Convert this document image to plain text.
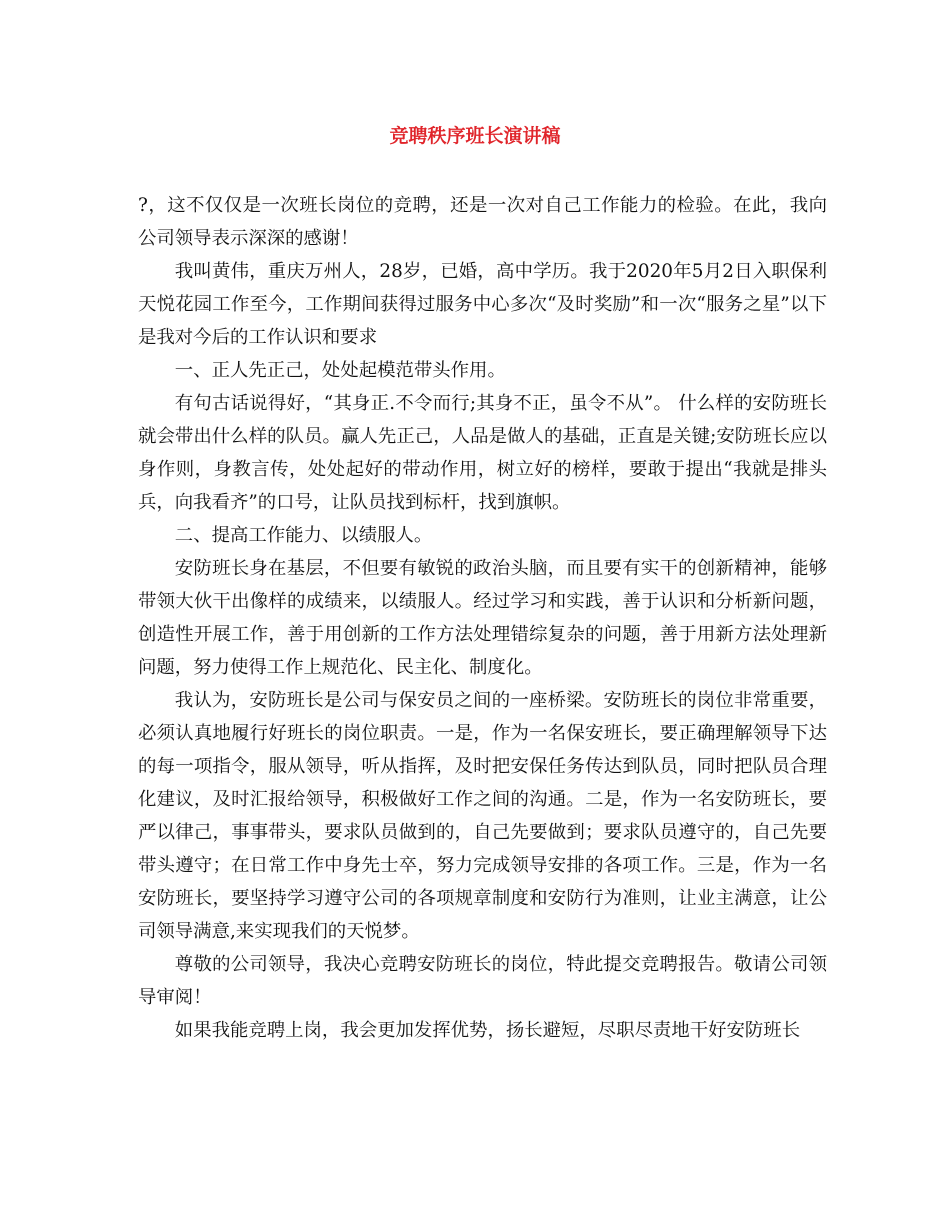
竞聘秩序班长演讲稿

?，这不仅仅是一次班长岗位的竞聘，还是一次对自己工作能力的检验。在此，我向公司领导表示深深的感谢！

我叫黄伟，重庆万州人，28岁，已婚，高中学历。我于2020年5月2日入职保利天悦花园工作至今，工作期间获得过服务中心多次“及时奖励”和一次“服务之星”以下是我对今后的工作认识和要求

一、正人先正己，处处起模范带头作用。

有句古话说得好，“其身正.不令而行;其身不正，虽令不从”。 什么样的安防班长就会带出什么样的队员。赢人先正己，人品是做人的基础，正直是关键;安防班长应以身作则，身教言传，处处起好的带动作用，树立好的榜样，要敢于提出“我就是排头兵，向我看齐”的口号，让队员找到标杆，找到旗帜。

二、提高工作能力、以绩服人。

安防班长身在基层，不但要有敏锐的政治头脑，而且要有实干的创新精神，能够带领大伙干出像样的成绩来，以绩服人。经过学习和实践，善于认识和分析新问题，创造性开展工作，善于用创新的工作方法处理错综复杂的问题，善于用新方法处理新问题，努力使得工作上规范化、民主化、制度化。

我认为，安防班长是公司与保安员之间的一座桥梁。安防班长的岗位非常重要，必须认真地履行好班长的岗位职责。一是，作为一名保安班长，要正确理解领导下达的每一项指令，服从领导，听从指挥，及时把安保任务传达到队员，同时把队员合理化建议，及时汇报给领导，积极做好工作之间的沟通。二是，作为一名安防班长，要严以律己，事事带头，要求队员做到的，自己先要做到；要求队员遵守的，自己先要带头遵守；在日常工作中身先士卒，努力完成领导安排的各项工作。三是，作为一名安防班长，要坚持学习遵守公司的各项规章制度和安防行为准则，让业主满意，让公司领导满意,来实现我们的天悦梦。

尊敬的公司领导，我决心竞聘安防班长的岗位，特此提交竞聘报告。敬请公司领导审阅！

如果我能竞聘上岗，我会更加发挥优势，扬长避短，尽职尽责地干好安防班长
